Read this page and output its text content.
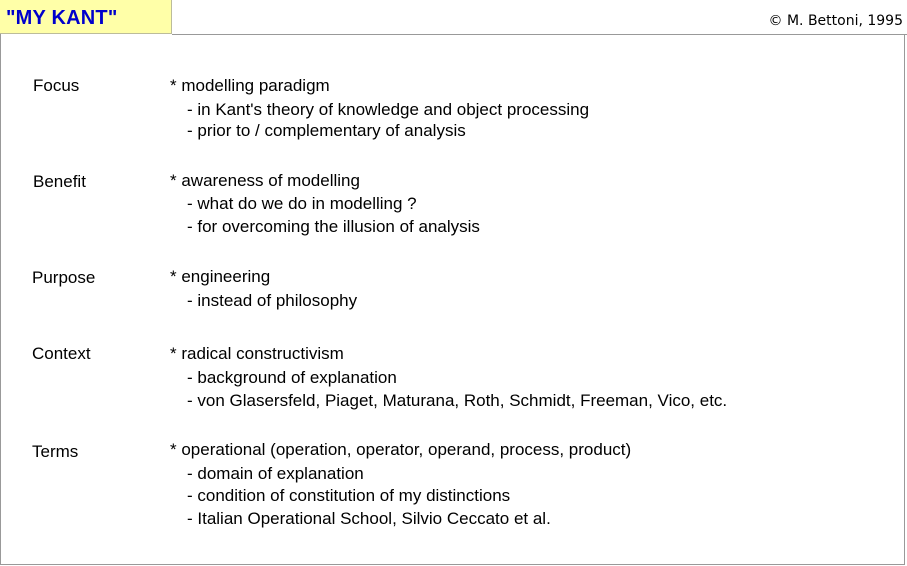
"MY KANT"	© M. Bettoni, 1995
Focus	* modelling paradigm
- in Kant's theory of knowledge and object processing
- prior to / complementary of analysis
Benefit	* awareness of modelling
- what do we do in modelling ?
- for overcoming the illusion of analysis
Purpose	* engineering
- instead of philosophy
Context	* radical constructivism
- background of explanation
- von Glasersfeld, Piaget, Maturana, Roth, Schmidt, Freeman, Vico, etc.
Terms	* operational (operation, operator, operand, process, product)
- domain of explanation
- condition of constitution of my distinctions
- Italian Operational School, Silvio Ceccato et al.
